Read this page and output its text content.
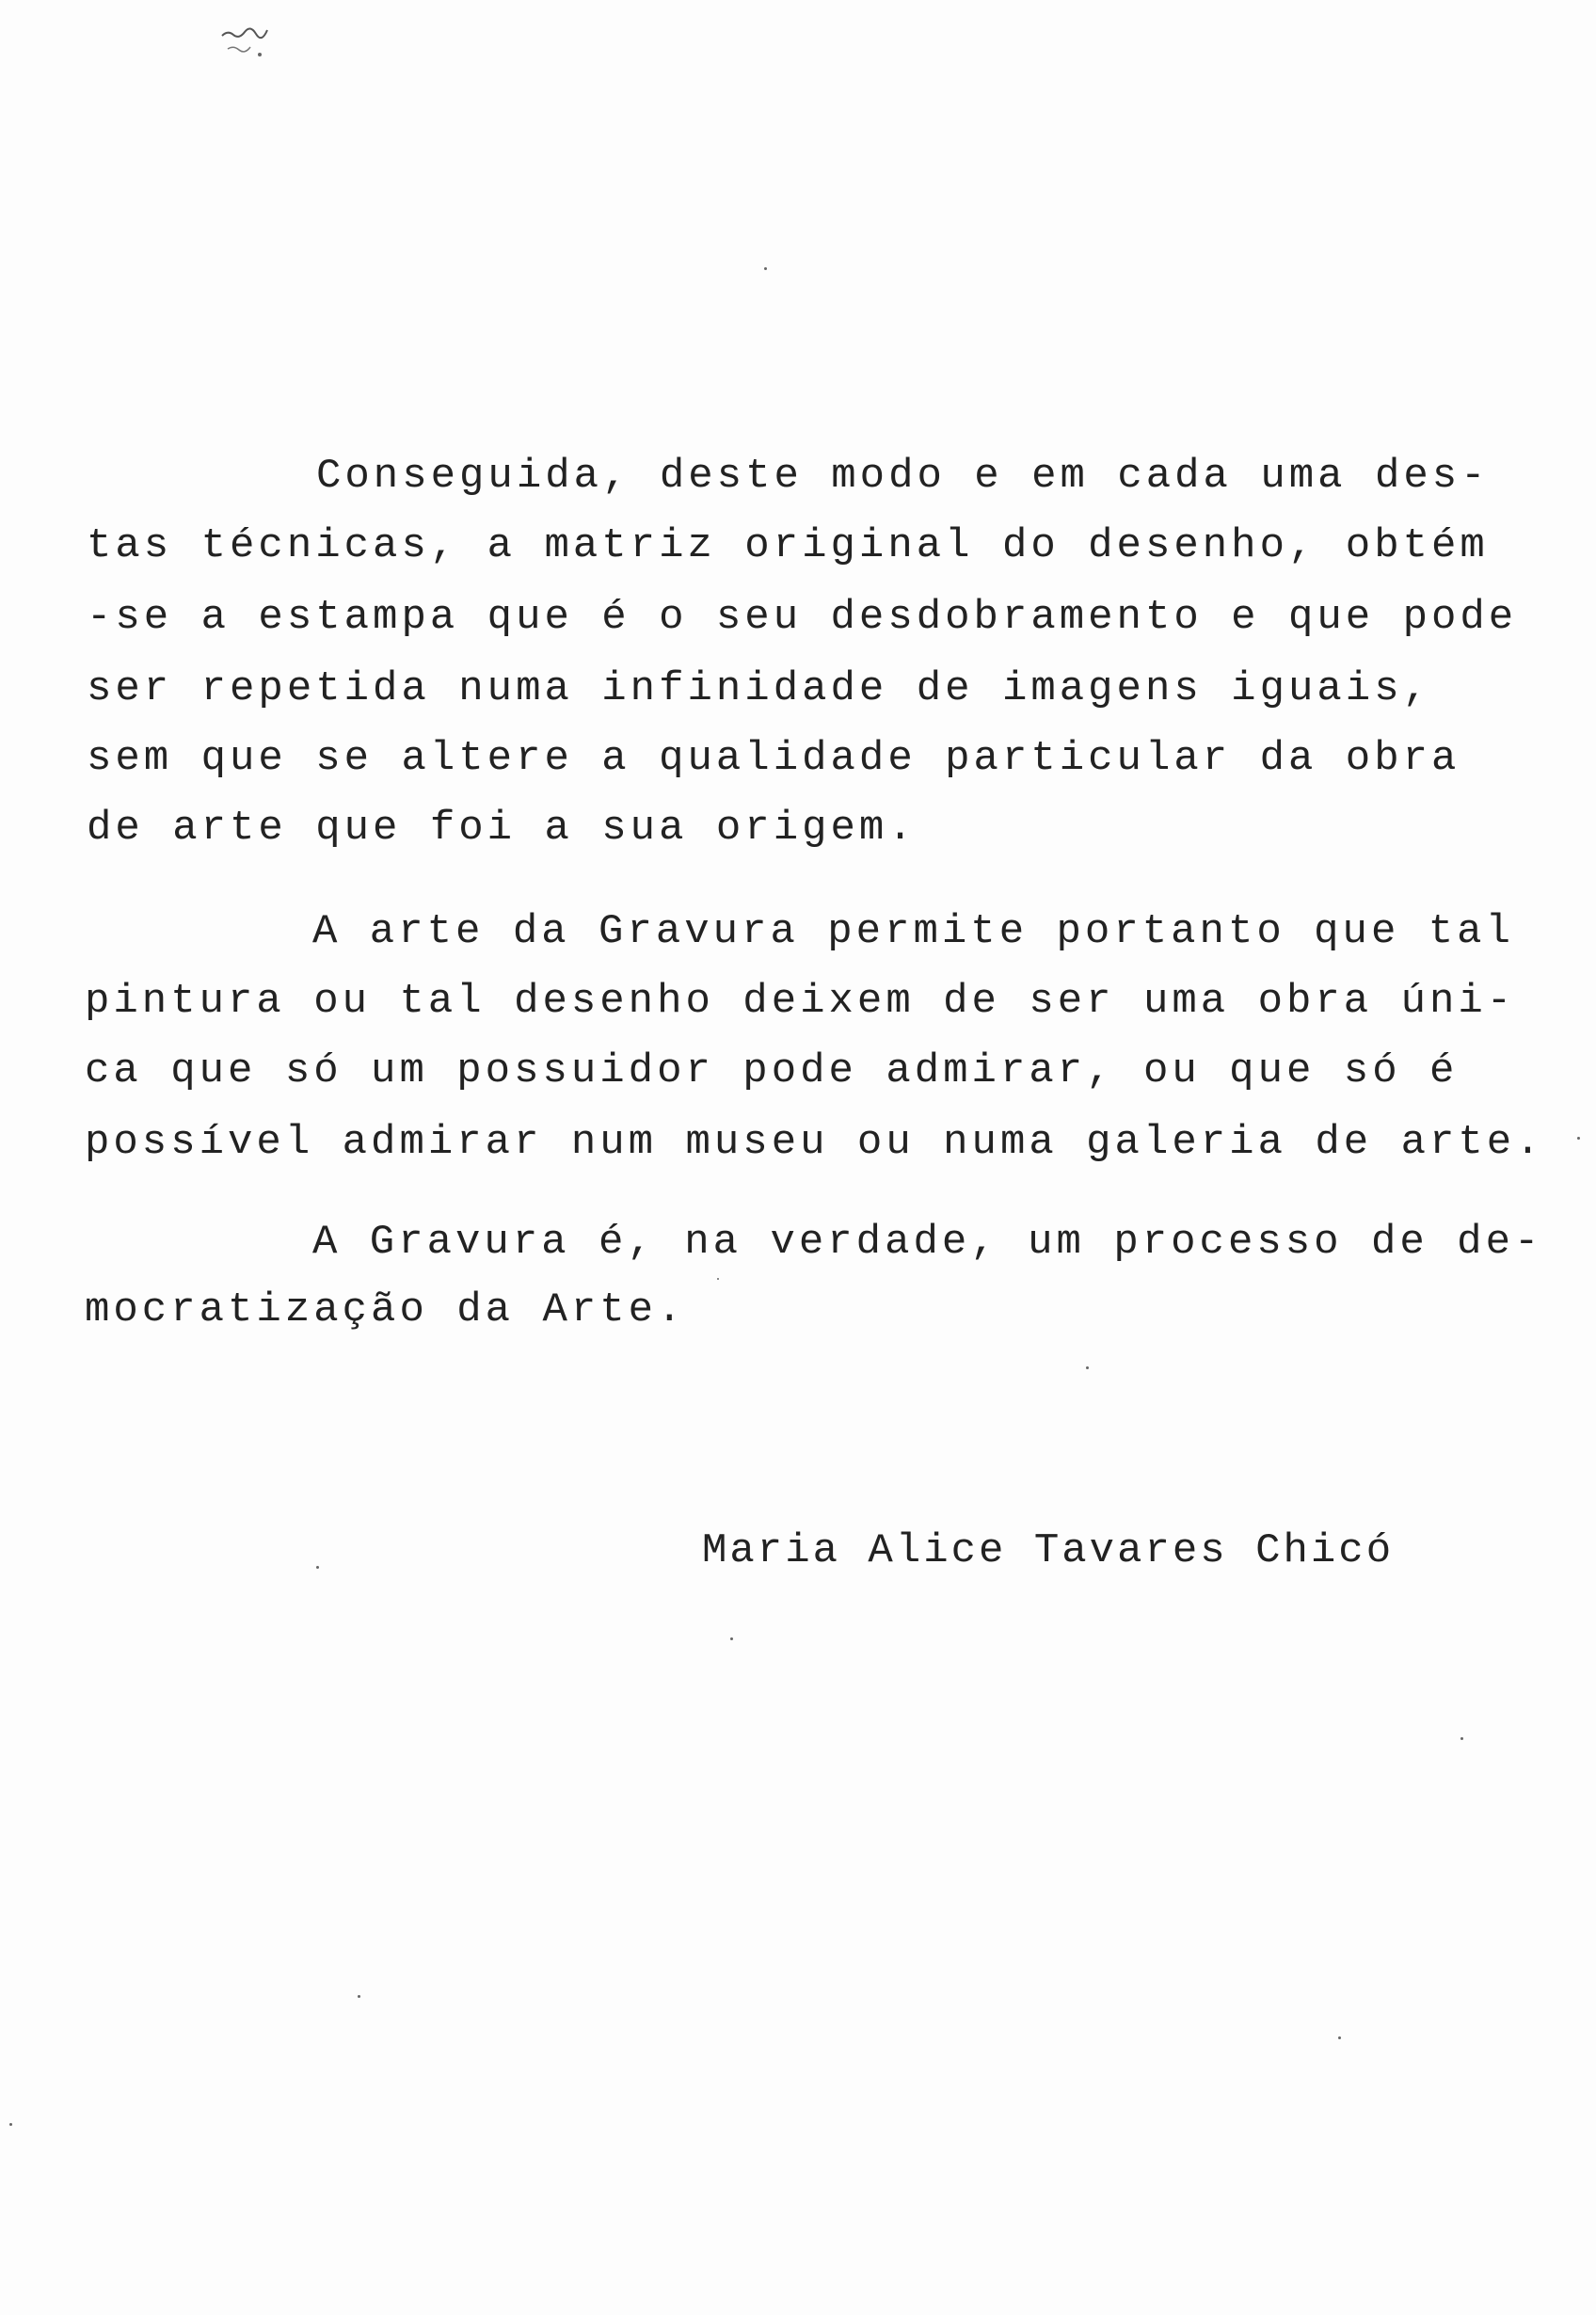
Conseguida, deste modo e em cada uma des-
tas técnicas, a matriz original do desenho, obtém
-se a estampa que é o seu desdobramento e que pode
ser repetida numa infinidade de imagens iguais,
sem que se altere a qualidade particular da obra
de arte que foi a sua origem.
A arte da Gravura permite portanto que tal
pintura ou tal desenho deixem de ser uma obra úni-
ca que só um possuidor pode admirar, ou que só é
possível admirar num museu ou numa galeria de arte.
A Gravura é, na verdade, um processo de de-
mocratização da Arte.
Maria Alice Tavares Chicó
